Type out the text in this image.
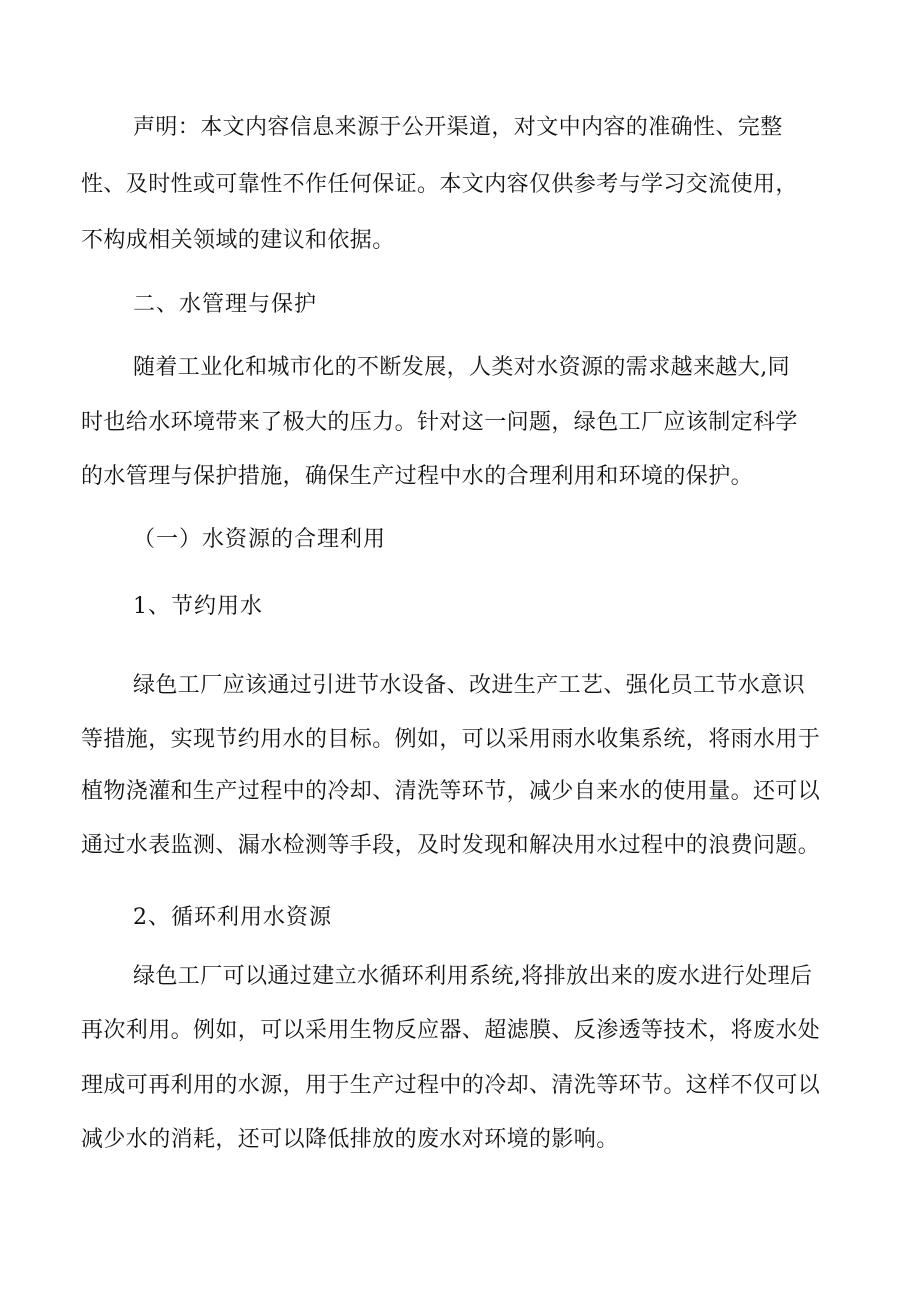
声明：本文内容信息来源于公开渠道，对文中内容的准确性、完整
性、及时性或可靠性不作任何保证。本文内容仅供参考与学习交流使用，
不构成相关领域的建议和依据。
二、水管理与保护
随着工业化和城市化的不断发展，人类对水资源的需求越来越大,同
时也给水环境带来了极大的压力。针对这一问题，绿色工厂应该制定科学
的水管理与保护措施，确保生产过程中水的合理利用和环境的保护。
（一）水资源的合理利用
1、节约用水
绿色工厂应该通过引进节水设备、改进生产工艺、强化员工节水意识
等措施，实现节约用水的目标。例如，可以采用雨水收集系统，将雨水用于
植物浇灌和生产过程中的冷却、清洗等环节，减少自来水的使用量。还可以
通过水表监测、漏水检测等手段，及时发现和解决用水过程中的浪费问题。
2、循环利用水资源
绿色工厂可以通过建立水循环利用系统,将排放出来的废水进行处理后
再次利用。例如，可以采用生物反应器、超滤膜、反渗透等技术，将废水处
理成可再利用的水源，用于生产过程中的冷却、清洗等环节。这样不仅可以
减少水的消耗，还可以降低排放的废水对环境的影响。
